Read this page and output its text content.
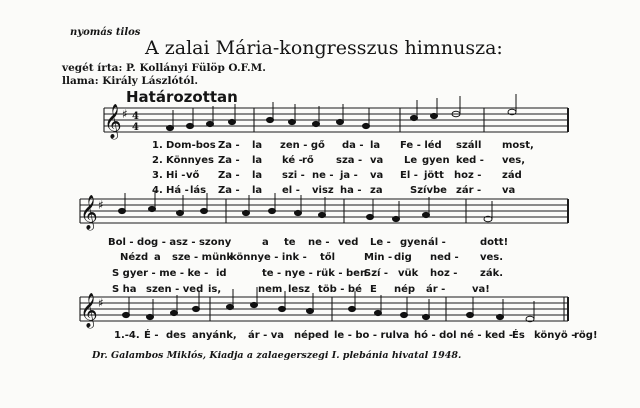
nyomás tilos
A zalai Mária-kongresszus himnusza:
vegét írta: P. Kollányi Fülöp O.F.M.
llama: Király Lászlótól.
Határozottan
𝄞 ♯ 4
4
𝄞 ♯
𝄞 ♯
1. Dom-bos Za - la zen - gő da - la Fe - léd száll most,
2. Könnyes Za - la ké - rő sza - va Le gyen ked - ves,
3. Hi - vő Za - la szi - ne - ja - va El - jött hoz - zád
4. Há - lás Za - la el - visz ha - za	Szívbe zár - va
Bol - dog - asz - szony	a te ne - ved Le - gyen ál -	dott!
Nézd a sze - münk
könnye - ink - től	Min - dig ned - ves.
S gyer - me - ke - id	te - nye - rük - ben
Szí - vük hoz - zák.
S ha szen - ved is,	nem lesz töb - bé E nép ár -	va!
1.-4. É - des anyánk, ár - va néped le - bo - rulva hó - dol né - ked - És könyö -
rög!
Dr. Galambos Miklós, Kiadja a zalaegerszegi I. plebánia hivatal 1948.
